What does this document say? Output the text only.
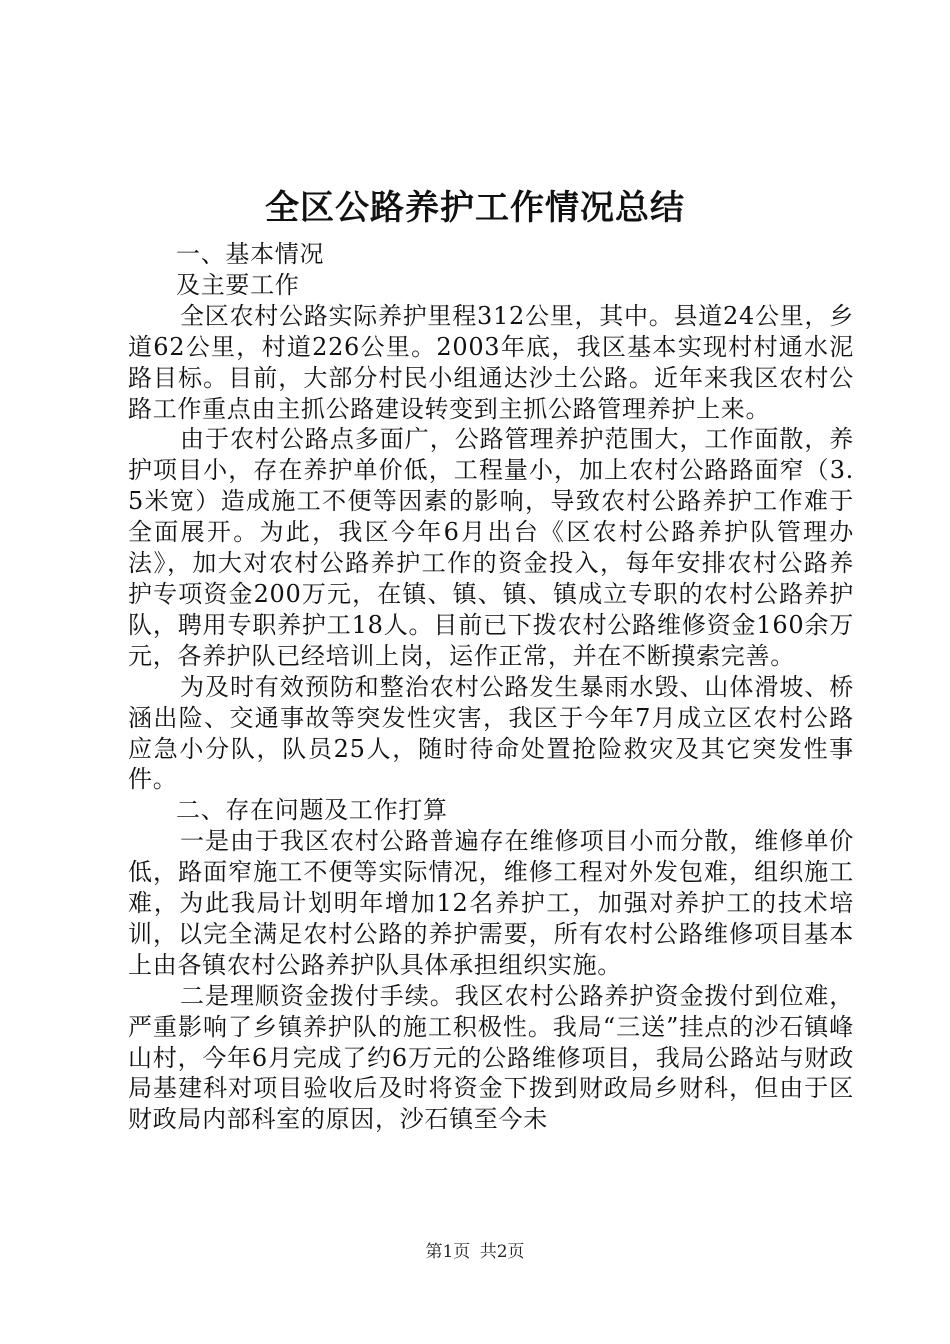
全区公路养护工作情况总结

一、基本情况

及主要工作

全区农村公路实际养护里程312公里，其中。县道24公里，乡道62公里，村道226公里。2003年底，我区基本实现村村通水泥路目标。目前，大部分村民小组通达沙土公路。近年来我区农村公路工作重点由主抓公路建设转变到主抓公路管理养护上来。

由于农村公路点多面广，公路管理养护范围大，工作面散，养护项目小，存在养护单价低，工程量小，加上农村公路路面窄（3.5米宽）造成施工不便等因素的影响，导致农村公路养护工作难于全面展开。为此，我区今年6月出台《区农村公路养护队管理办法》，加大对农村公路养护工作的资金投入，每年安排农村公路养护专项资金200万元，在镇、镇、镇、镇成立专职的农村公路养护队，聘用专职养护工18人。目前已下拨农村公路维修资金160余万元，各养护队已经培训上岗，运作正常，并在不断摸索完善。

为及时有效预防和整治农村公路发生暴雨水毁、山体滑坡、桥涵出险、交通事故等突发性灾害，我区于今年7月成立区农村公路应急小分队，队员25人，随时待命处置抢险救灾及其它突发性事件。

二、存在问题及工作打算

一是由于我区农村公路普遍存在维修项目小而分散，维修单价低，路面窄施工不便等实际情况，维修工程对外发包难，组织施工难，为此我局计划明年增加12名养护工，加强对养护工的技术培训，以完全满足农村公路的养护需要，所有农村公路维修项目基本上由各镇农村公路养护队具体承担组织实施。

二是理顺资金拨付手续。我区农村公路养护资金拨付到位难，严重影响了乡镇养护队的施工积极性。我局“三送”挂点的沙石镇峰山村，今年6月完成了约6万元的公路维修项目，我局公路站与财政局基建科对项目验收后及时将资金下拨到财政局乡财科，但由于区财政局内部科室的原因，沙石镇至今未

第1页 共2页
